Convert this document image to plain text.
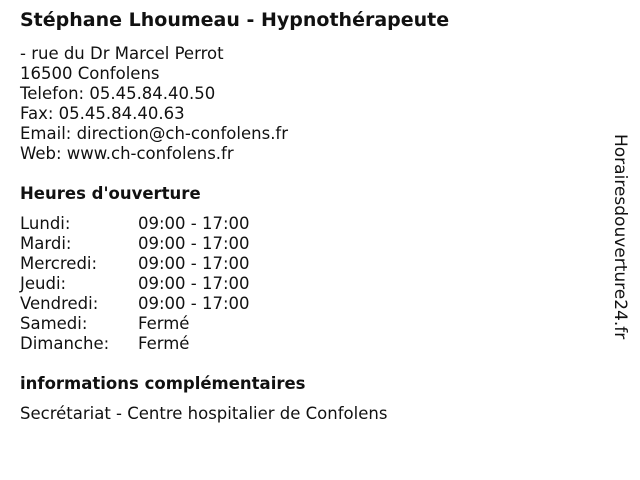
Stéphane Lhoumeau - Hypnothérapeute
- rue du Dr Marcel Perrot
16500 Confolens
Telefon: 05.45.84.40.50
Fax: 05.45.84.40.63
Email: direction@ch-confolens.fr
Web: www.ch-confolens.fr
Heures d'ouverture
Lundi:	09:00 - 17:00
Mardi:	09:00 - 17:00
Mercredi:	09:00 - 17:00
Jeudi:	09:00 - 17:00
Vendredi:	09:00 - 17:00
Samedi:	Fermé
Dimanche:	Fermé
informations complémentaires
Secrétariat - Centre hospitalier de Confolens
Horairesdouverture24.fr
